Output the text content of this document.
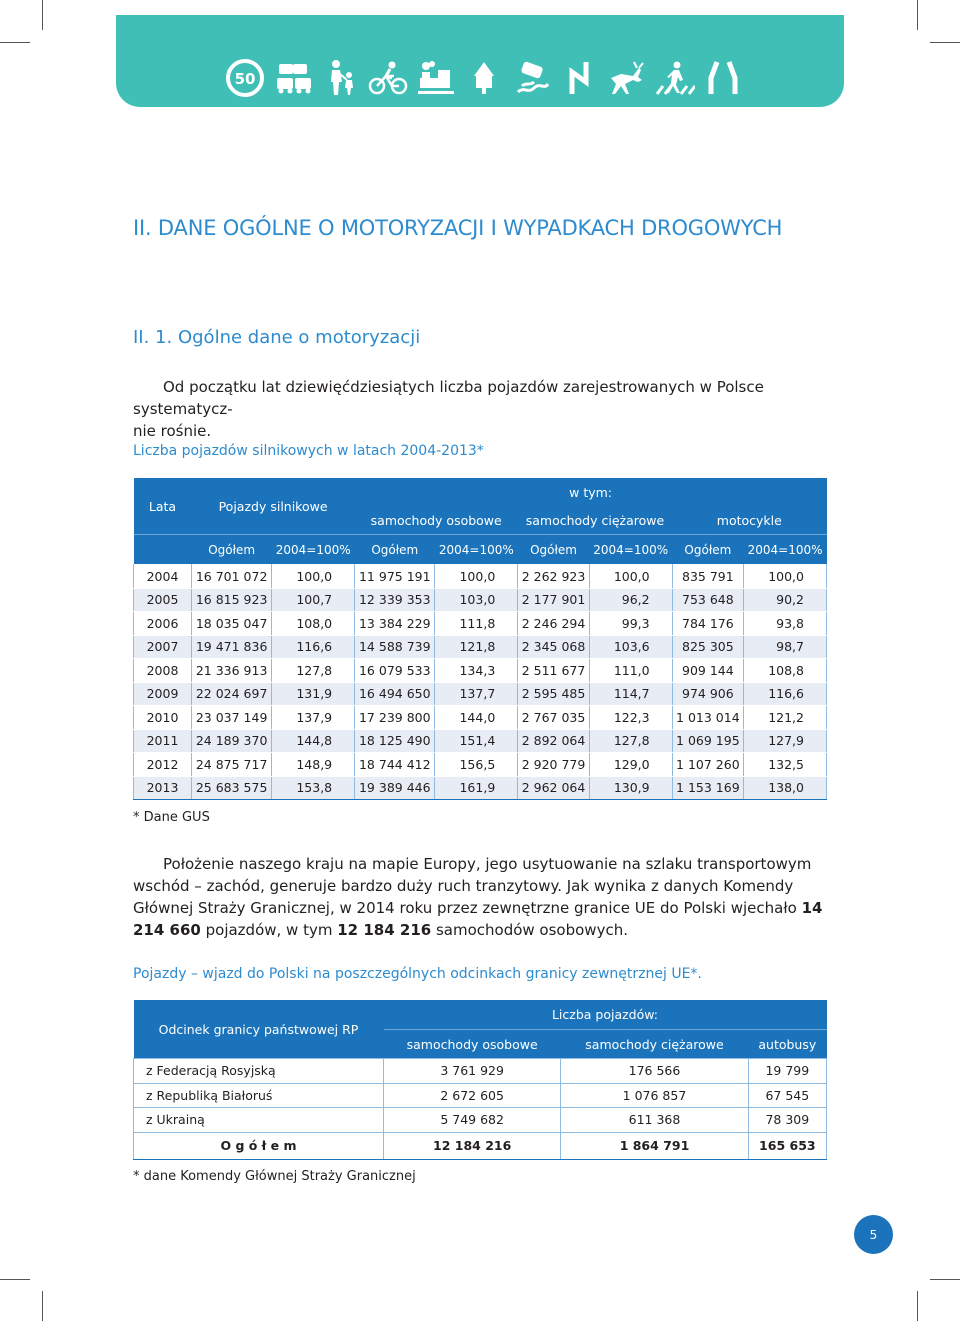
50
II. DANE OGÓLNE O MOTORYZACJI I WYPADKACH DROGOWYCH
II. 1. Ogólne dane o motoryzacji
Od początku lat dziewięćdziesiątych liczba pojazdów zarejestrowanych w Polsce systematycz-
nie rośnie.
Liczba pojazdów silnikowych w latach 2004-2013*
Lata	Pojazdy silnikowe		w tym:					
			samochody osobowe		samochody ciężarowe		motocykle	
	Ogółem	2004=100%	Ogółem	2004=100%	Ogółem	2004=100%	Ogółem	2004=100%
2004	16 701 072	100,0	11 975 191	100,0	2 262 923	100,0	835 791	100,0
2005	16 815 923	100,7	12 339 353	103,0	2 177 901	96,2	753 648	90,2
2006	18 035 047	108,0	13 384 229	111,8	2 246 294	99,3	784 176	93,8
2007	19 471 836	116,6	14 588 739	121,8	2 345 068	103,6	825 305	98,7
2008	21 336 913	127,8	16 079 533	134,3	2 511 677	111,0	909 144	108,8
2009	22 024 697	131,9	16 494 650	137,7	2 595 485	114,7	974 906	116,6
2010	23 037 149	137,9	17 239 800	144,0	2 767 035	122,3	1 013 014	121,2
2011	24 189 370	144,8	18 125 490	151,4	2 892 064	127,8	1 069 195	127,9
2012	24 875 717	148,9	18 744 412	156,5	2 920 779	129,0	1 107 260	132,5
2013	25 683 575	153,8	19 389 446	161,9	2 962 064	130,9	1 153 169	138,0
* Dane GUS
Położenie naszego kraju na mapie Europy, jego usytuowanie na szlaku transportowym wschód – zachód, generuje bardzo duży ruch tranzytowy. Jak wynika z danych Komendy Głównej Straży Granicznej, w 2014 roku przez zewnętrzne granice UE do Polski wjechało 14 214 660 pojazdów, w tym 12 184 216 samochodów osobowych.
Pojazdy – wjazd do Polski na poszczególnych odcinkach granicy zewnętrznej UE*.
Odcinek granicy państwowej RP	Liczba pojazdów:		
	samochody osobowe	samochody ciężarowe	autobusy
z Federacją Rosyjską	3 761 929	176 566	19 799
z Republiką Białoruś	2 672 605	1 076 857	67 545
z Ukrainą	5 749 682	611 368	78 309
O g ó ł e m	12 184 216	1 864 791	165 653
* dane Komendy Głównej Straży Granicznej
5
